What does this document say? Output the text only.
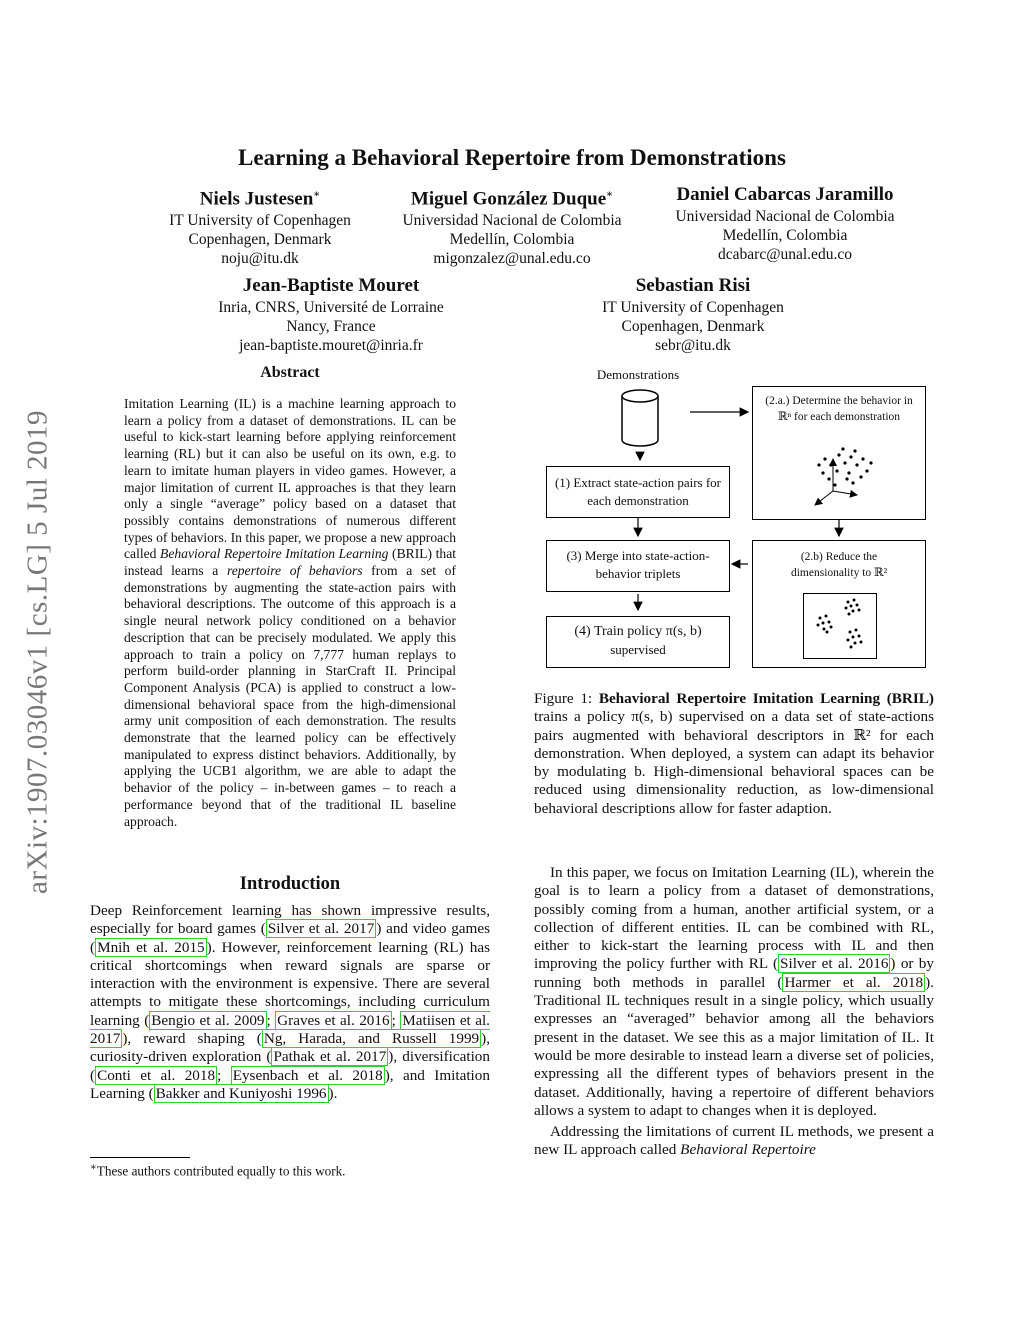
arXiv:1907.03046v1 [cs.LG] 5 Jul 2019
Learning a Behavioral Repertoire from Demonstrations
Niels Justesen∗
IT University of Copenhagen
Copenhagen, Denmark
noju@itu.dk
Miguel González Duque∗
Universidad Nacional de Colombia
Medellín, Colombia
migonzalez@unal.edu.co
Daniel Cabarcas Jaramillo
Universidad Nacional de Colombia
Medellín, Colombia
dcabarc@unal.edu.co
Jean-Baptiste Mouret
Inria, CNRS, Université de Lorraine
Nancy, France
jean-baptiste.mouret@inria.fr
Sebastian Risi
IT University of Copenhagen
Copenhagen, Denmark
sebr@itu.dk
Abstract
Imitation Learning (IL) is a machine learning approach to learn a policy from a dataset of demonstrations. IL can be useful to kick-start learning before applying reinforcement learning (RL) but it can also be useful on its own, e.g. to learn to imitate human players in video games. However, a major limitation of current IL approaches is that they learn only a single “average” policy based on a dataset that possibly contains demonstrations of numerous different types of behaviors. In this paper, we propose a new approach called Behavioral Repertoire Imitation Learning (BRIL) that instead learns a repertoire of behaviors from a set of demonstrations by augmenting the state-action pairs with behavioral descriptions. The outcome of this approach is a single neural network policy conditioned on a behavior description that can be precisely modulated. We apply this approach to train a policy on 7,777 human replays to perform build-order planning in StarCraft II. Principal Component Analysis (PCA) is applied to construct a low-dimensional behavioral space from the high-dimensional army unit composition of each demonstration. The results demonstrate that the learned policy can be effectively manipulated to express distinct behaviors. Additionally, by applying the UCB1 algorithm, we are able to adapt the behavior of the policy – in-between games – to reach a performance beyond that of the traditional IL baseline approach.
Introduction
Deep Reinforcement learning has shown impressive results, especially for board games ( Silver et al. 2017 ) and video games ( Mnih et al. 2015 ). However, reinforcement learning (RL) has critical shortcomings when reward signals are sparse or interaction with the environment is expensive. There are several attempts to mitigate these shortcomings, including curriculum learning ( Bengio et al. 2009 ; Graves et al. 2016 ; Matiisen et al. 2017 ), reward shaping ( Ng, Harada, and Russell 1999 ), curiosity-driven exploration ( Pathak et al. 2017 ), diversification ( Conti et al. 2018 ; Eysenbach et al. 2018 ), and Imitation Learning ( Bakker and Kuniyoshi 1996 ).
∗These authors contributed equally to this work.
Demonstrations
(1) Extract state-action pairs for each demonstration
(2.a.) Determine the behavior in
ℝⁿ for each demonstration
(3) Merge into state-action-behavior triplets
(2.b) Reduce the
dimensionality to ℝ²
(4) Train policy π(s, b)
supervised
Figure 1: Behavioral Repertoire Imitation Learning (BRIL) trains a policy π(s, b) supervised on a data set of state-actions pairs augmented with behavioral descriptors in ℝ² for each demonstration. When deployed, a system can adapt its behavior by modulating b. High-dimensional behavioral spaces can be reduced using dimensionality reduction, as low-dimensional behavioral descriptions allow for faster adaption.

In this paper, we focus on Imitation Learning (IL), wherein the goal is to learn a policy from a dataset of demonstrations, possibly coming from a human, another artificial system, or a collection of different entities. IL can be combined with RL, either to kick-start the learning process with IL and then improving the policy further with RL ( Silver et al. 2016 ) or by running both methods in parallel ( Harmer et al. 2018 ). Traditional IL techniques result in a single policy, which usually expresses an “averaged” behavior among all the behaviors present in the dataset. We see this as a major limitation of IL. It would be more desirable to instead learn a diverse set of policies, expressing all the different types of behaviors present in the dataset. Additionally, having a repertoire of different behaviors allows a system to adapt to changes when it is deployed.

Addressing the limitations of current IL methods, we present a new IL approach called Behavioral Repertoire
